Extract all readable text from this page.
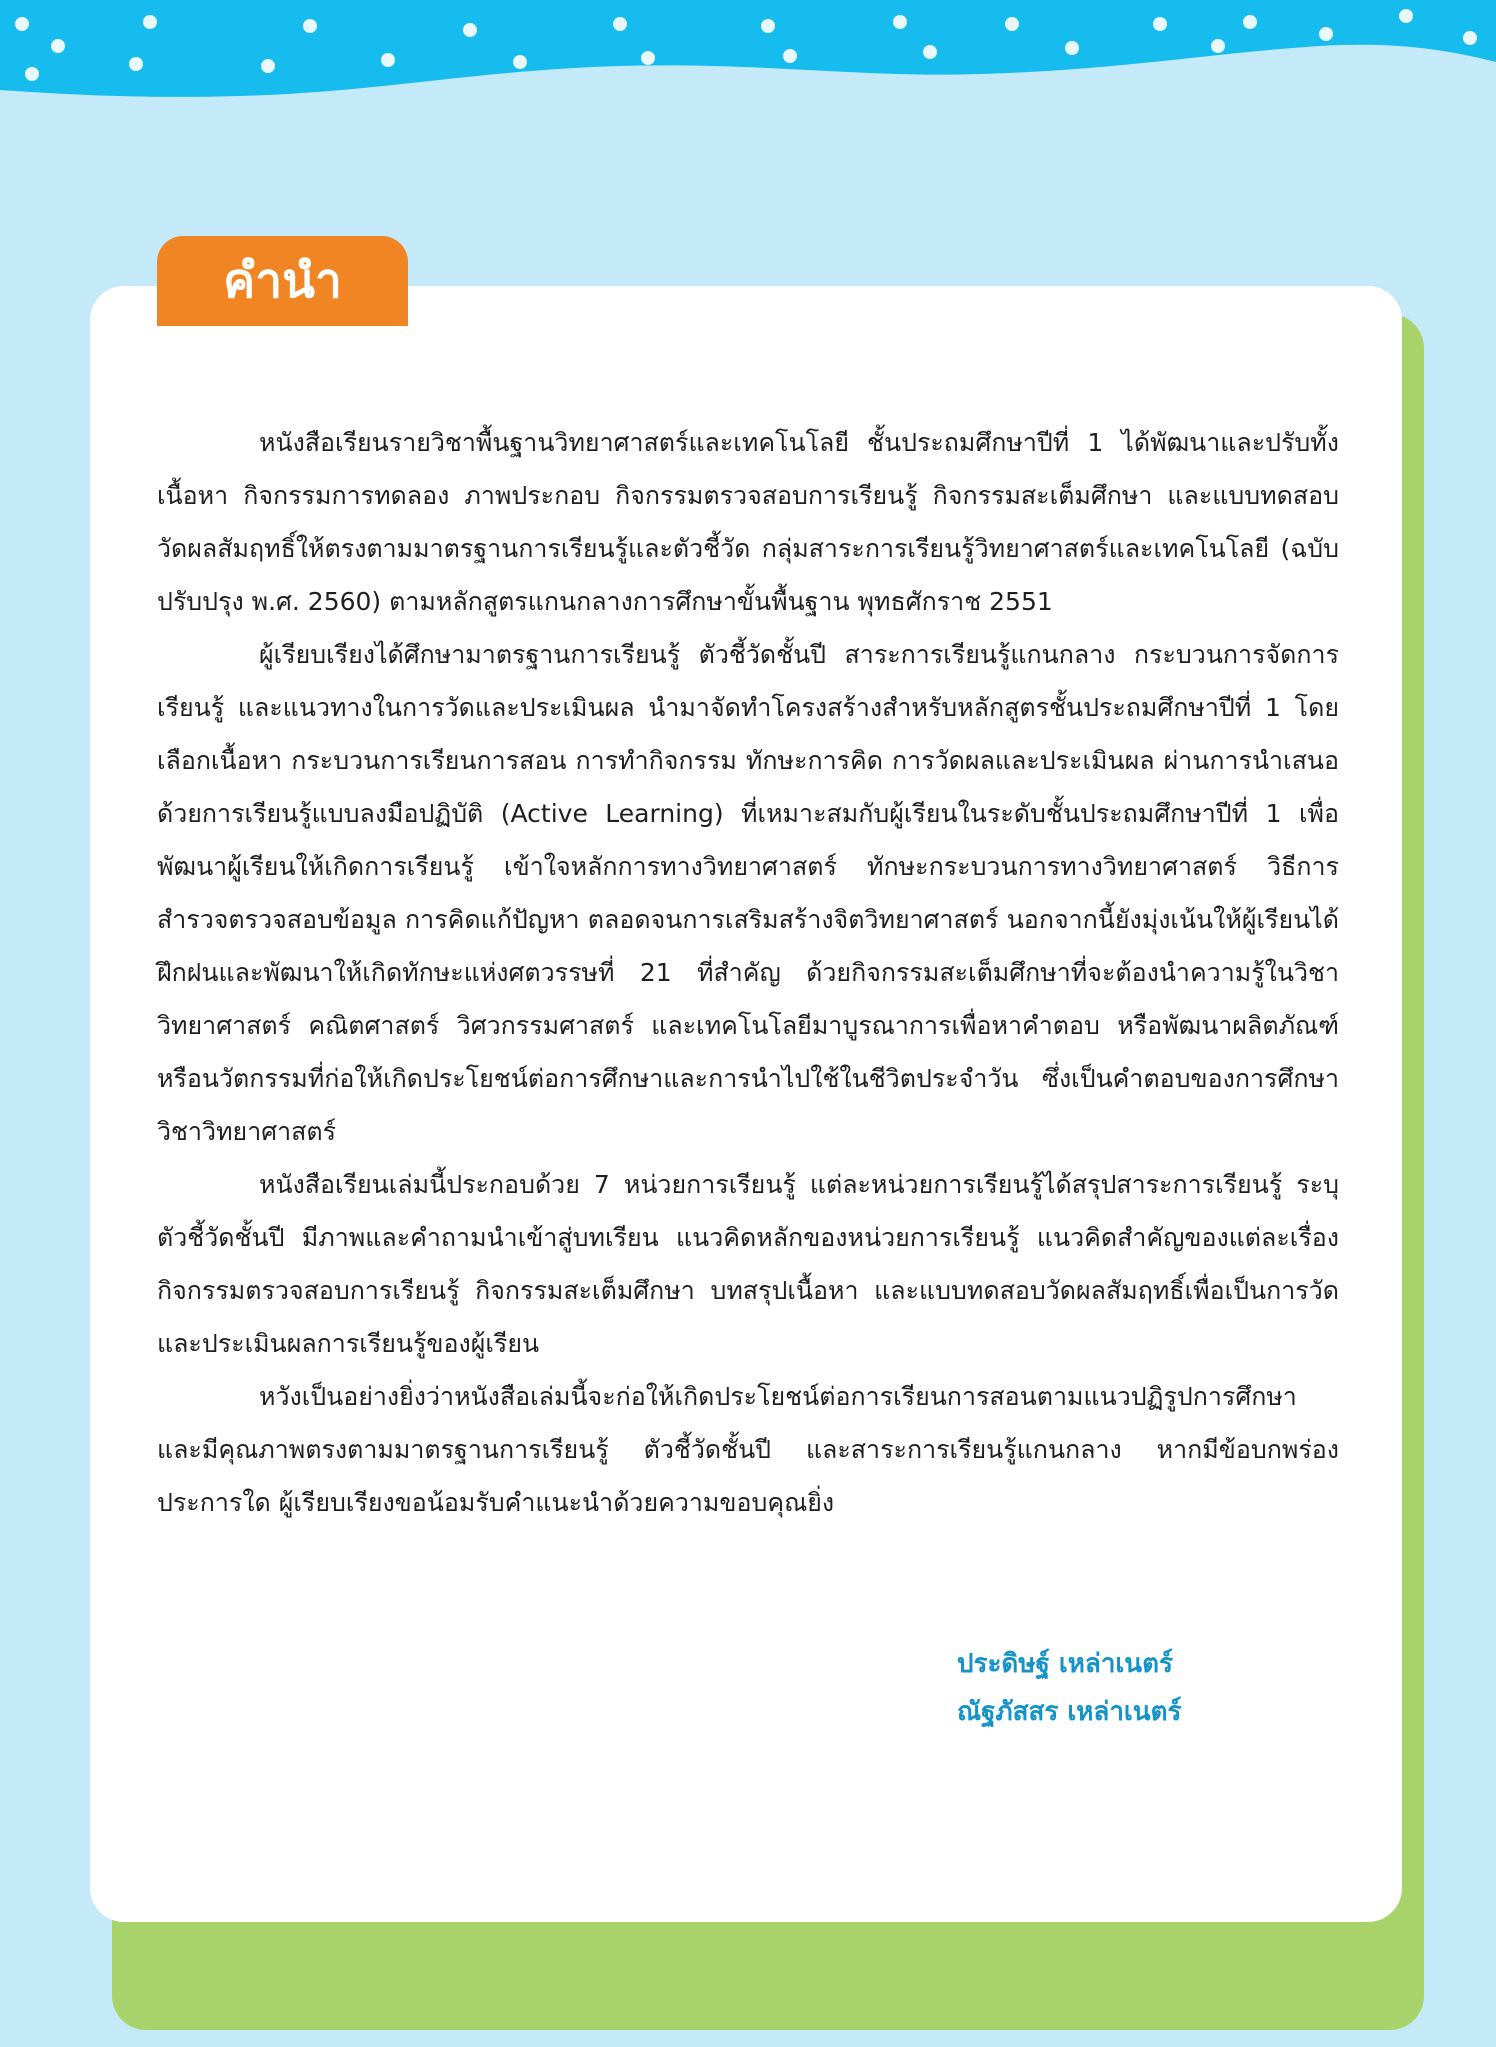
คำนำ

หนังสือเรียนรายวิชาพื้นฐานวิทยาศาสตร์และเทคโนโลยี ชั้นประถมศึกษาปีที่ 1 ได้พัฒนาและปรับทั้งเนื้อหา กิจกรรมการทดลอง ภาพประกอบ กิจกรรมตรวจสอบการเรียนรู้ กิจกรรมสะเต็มศึกษา และแบบทดสอบวัดผลสัมฤทธิ์ให้ตรงตามมาตรฐานการเรียนรู้และตัวชี้วัด กลุ่มสาระการเรียนรู้วิทยาศาสตร์และเทคโนโลยี (ฉบับปรับปรุง พ.ศ. 2560) ตามหลักสูตรแกนกลางการศึกษาขั้นพื้นฐาน พุทธศักราช 2551

ผู้เรียบเรียงได้ศึกษามาตรฐานการเรียนรู้ ตัวชี้วัดชั้นปี สาระการเรียนรู้แกนกลาง กระบวนการจัดการเรียนรู้ และแนวทางในการวัดและประเมินผล นำมาจัดทำโครงสร้างสำหรับหลักสูตรชั้นประถมศึกษาปีที่ 1 โดยเลือกเนื้อหา กระบวนการเรียนการสอน การทำกิจกรรม ทักษะการคิด การวัดผลและประเมินผล ผ่านการนำเสนอด้วยการเรียนรู้แบบลงมือปฏิบัติ (Active Learning) ที่เหมาะสมกับผู้เรียนในระดับชั้นประถมศึกษาปีที่ 1 เพื่อพัฒนาผู้เรียนให้เกิดการเรียนรู้ เข้าใจหลักการทางวิทยาศาสตร์ ทักษะกระบวนการทางวิทยาศาสตร์ วิธีการสำรวจตรวจสอบข้อมูล การคิดแก้ปัญหา ตลอดจนการเสริมสร้างจิตวิทยาศาสตร์ นอกจากนี้ยังมุ่งเน้นให้ผู้เรียนได้ฝึกฝนและพัฒนาให้เกิดทักษะแห่งศตวรรษที่ 21 ที่สำคัญ ด้วยกิจกรรมสะเต็มศึกษาที่จะต้องนำความรู้ในวิชาวิทยาศาสตร์ คณิตศาสตร์ วิศวกรรมศาสตร์ และเทคโนโลยีมาบูรณาการเพื่อหาคำตอบ หรือพัฒนาผลิตภัณฑ์ หรือนวัตกรรมที่ก่อให้เกิดประโยชน์ต่อการศึกษาและการนำไปใช้ในชีวิตประจำวัน ซึ่งเป็นคำตอบของการศึกษาวิชาวิทยาศาสตร์

หนังสือเรียนเล่มนี้ประกอบด้วย 7 หน่วยการเรียนรู้ แต่ละหน่วยการเรียนรู้ได้สรุปสาระการเรียนรู้ ระบุตัวชี้วัดชั้นปี มีภาพและคำถามนำเข้าสู่บทเรียน แนวคิดหลักของหน่วยการเรียนรู้ แนวคิดสำคัญของแต่ละเรื่อง กิจกรรมตรวจสอบการเรียนรู้ กิจกรรมสะเต็มศึกษา บทสรุปเนื้อหา และแบบทดสอบวัดผลสัมฤทธิ์เพื่อเป็นการวัดและประเมินผลการเรียนรู้ของผู้เรียน

หวังเป็นอย่างยิ่งว่าหนังสือเล่มนี้จะก่อให้เกิดประโยชน์ต่อการเรียนการสอนตามแนวปฏิรูปการศึกษา และมีคุณภาพตรงตามมาตรฐานการเรียนรู้ ตัวชี้วัดชั้นปี และสาระการเรียนรู้แกนกลาง หากมีข้อบกพร่องประการใด ผู้เรียบเรียงขอน้อมรับคำแนะนำด้วยความขอบคุณยิ่ง

ประดิษฐ์ เหล่าเนตร์
ณัฐภัสสร เหล่าเนตร์
